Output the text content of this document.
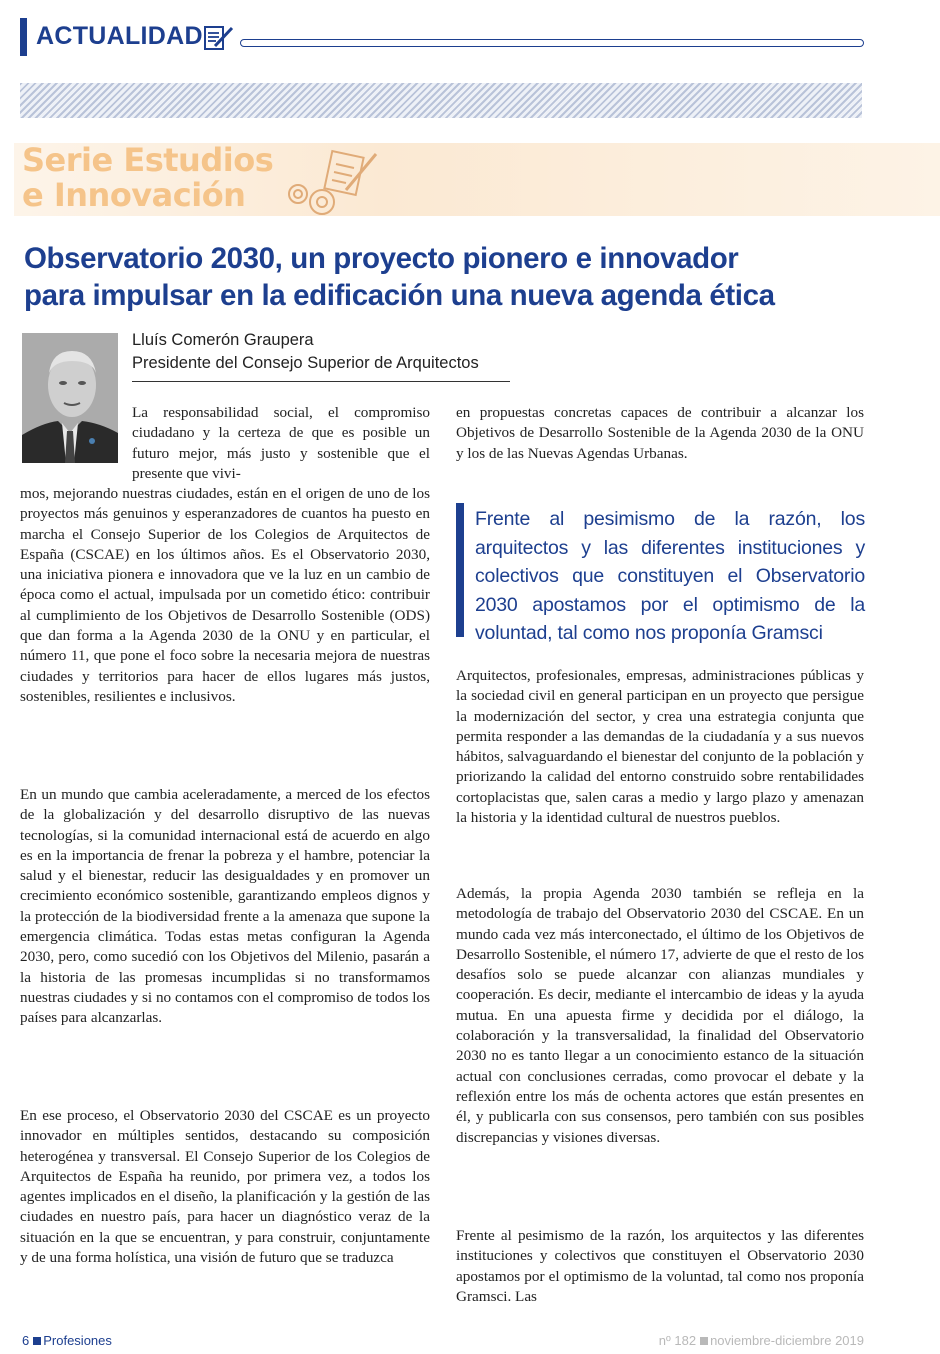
ACTUALIDAD
Serie Estudios
e Innovación
Observatorio 2030, un proyecto pionero e innovador
para impulsar en la edificación una nueva agenda ética
Lluís Comerón Graupera
Presidente del Consejo Superior de Arquitectos

La responsabilidad social, el compromiso ciudadano y la certeza de que es posible un futuro mejor, más justo y sostenible que el presente que vivi-

mos, mejorando nuestras ciudades, están en el origen de uno de los proyectos más genuinos y esperanzadores de cuantos ha puesto en marcha el Consejo Superior de los Colegios de Arquitectos de España (CSCAE) en los últimos años. Es el Observatorio 2030, una iniciativa pionera e innovadora que ve la luz en un cambio de época como el actual, impulsada por un cometido ético: contribuir al cumplimiento de los Objetivos de Desarrollo Sostenible (ODS) que dan forma a la Agenda 2030 de la ONU y en particular, el número 11, que pone el foco sobre la necesaria mejora de nuestras ciudades y territorios para hacer de ellos lugares más justos, sostenibles, resilientes e inclusivos.

En un mundo que cambia aceleradamente, a merced de los efectos de la globalización y del desarrollo disruptivo de las nuevas tecnologías, si la comunidad internacional está de acuerdo en algo es en la importancia de frenar la pobreza y el hambre, potenciar la salud y el bienestar, reducir las desigualdades y en promover un crecimiento económico sostenible, garantizando empleos dignos y la protección de la biodiversidad frente a la amenaza que supone la emergencia climática. Todas estas metas configuran la Agenda 2030, pero, como sucedió con los Objetivos del Milenio, pasarán a la historia de las promesas incumplidas si no transformamos nuestras ciudades y si no contamos con el compromiso de todos los países para alcanzarlas.

En ese proceso, el Observatorio 2030 del CSCAE es un proyecto innovador en múltiples sentidos, destacando su composición heterogénea y transversal. El Consejo Superior de los Colegios de Arquitectos de España ha reunido, por primera vez, a todos los agentes implicados en el diseño, la planificación y la gestión de las ciudades en nuestro país, para hacer un diagnóstico veraz de la situación en la que se encuentran, y para construir, conjuntamente y de una forma holística, una visión de futuro que se traduzca

en propuestas concretas capaces de contribuir a alcanzar los Objetivos de Desarrollo Sostenible de la Agenda 2030 de la ONU y los de las Nuevas Agendas Urbanas.

Frente al pesimismo de la razón, los arquitectos y las diferentes instituciones y colectivos que constituyen el Observatorio 2030 apostamos por el optimismo de la voluntad, tal como nos proponía Gramsci

Arquitectos, profesionales, empresas, administraciones públicas y la sociedad civil en general participan en un proyecto que persigue la modernización del sector, y crea una estrategia conjunta que permita responder a las demandas de la ciudadanía y a sus nuevos hábitos, salvaguardando el bienestar del conjunto de la población y priorizando la calidad del entorno construido sobre rentabilidades cortoplacistas que, salen caras a medio y largo plazo y amenazan la historia y la identidad cultural de nuestros pueblos.

Además, la propia Agenda 2030 también se refleja en la metodología de trabajo del Observatorio 2030 del CSCAE. En un mundo cada vez más interconectado, el último de los Objetivos de Desarrollo Sostenible, el número 17, advierte de que el resto de los desafíos solo se puede alcanzar con alianzas mundiales y cooperación. Es decir, mediante el intercambio de ideas y la ayuda mutua. En una apuesta firme y decidida por el diálogo, la colaboración y la transversalidad, la finalidad del Observatorio 2030 no es tanto llegar a un conocimiento estanco de la situación actual con conclusiones cerradas, como provocar el debate y la reflexión entre los más de ochenta actores que están presentes en él, y publicarla con sus consensos, pero también con sus posibles discrepancias y visiones diversas.

Frente al pesimismo de la razón, los arquitectos y las diferentes instituciones y colectivos que constituyen el Observatorio 2030 apostamos por el optimismo de la voluntad, tal como nos proponía Gramsci. Las

6 Profesiones	nº 182 noviembre-diciembre 2019
